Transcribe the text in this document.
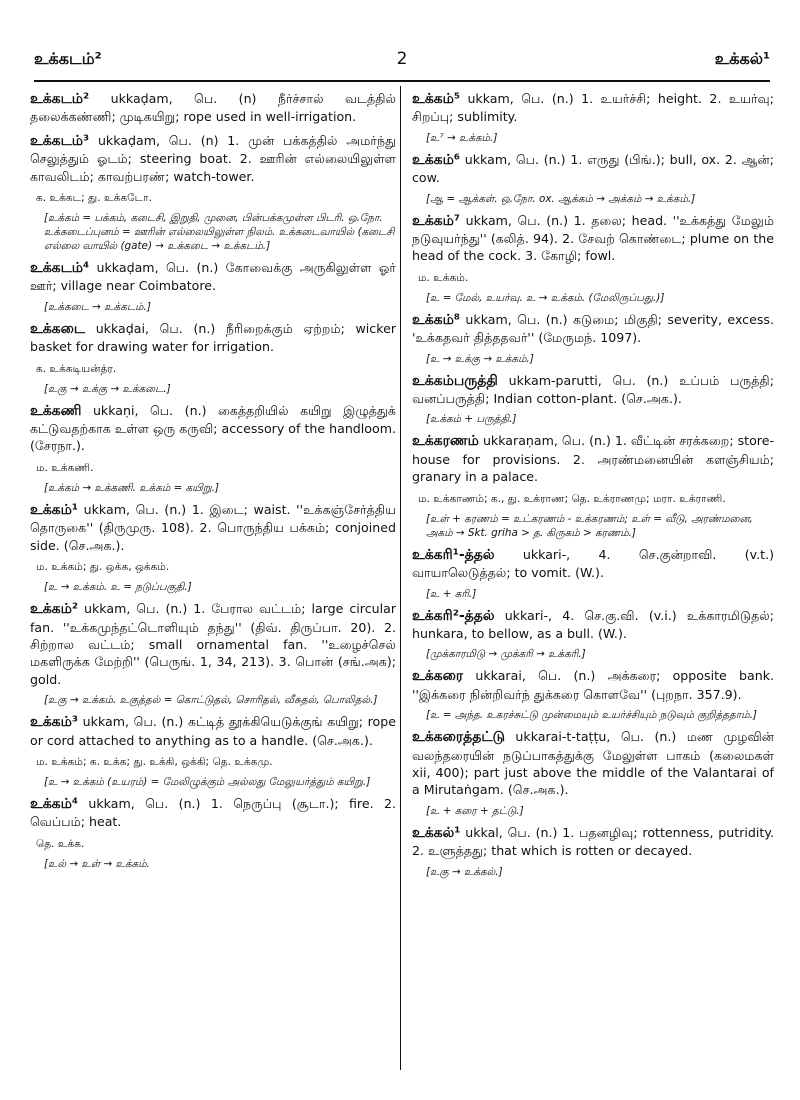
உக்கடம்²	2	உக்கல்¹

உக்கடம்² ukkaḍam, பெ. (n) நீர்ச்சால் வடத்தில் தலைக்கண்ணி; முடிகயிறு; rope used in well-irrigation.

உக்கடம்³ ukkaḍam, பெ. (n) 1. முன் பக்கத்தில் அமர்ந்து செலுத்தும் ஓடம்; steering boat. 2. ஊரின் எல்லையிலுள்ள காவலிடம்; காவற்பரண்; watch-tower.

க. உக்கட; து. உக்கடோ.

[உக்கம் = பக்கம், கடைசி, இறுதி, முனை, பின்பக்கமுள்ள பிடரி. ஒ.நோ. உக்கடைப்புனம் = ஊரின் எல்லையிலுள்ள நிலம். உக்கடைவாயில் (கடைசி எல்லை வாயில் (gate) → உக்கடை → உக்கடம்.]

உக்கடம்⁴ ukkaḍam, பெ. (n.) கோவைக்கு அருகிலுள்ள ஓர் ஊர்; village near Coimbatore.

[உக்கடை → உக்கடம்.]

உக்கடை ukkaḍai, பெ. (n.) நீரிறைக்கும் ஏற்றம்; wicker basket for drawing water for irrigation.

க. உக்கடியன்த்ர.

[உகு → உக்கு → உக்கடை.]

உக்கணி ukkaṇi, பெ. (n.) கைத்தறியில் கயிறு இழுத்துக் கட்டுவதற்காக உள்ள ஒரு கருவி; accessory of the handloom. (சேரநா.).

ம. உக்கணி.

[உக்கம் → உக்கணி. உக்கம் = கயிறு.]

உக்கம்¹ ukkam, பெ. (n.) 1. இடை; waist. ''உக்கஞ்சேர்த்திய தொருகை'' (திருமுரு. 108). 2. பொருந்திய பக்கம்; conjoined side. (செ.அக.).

ம. உக்கம்; து. ஒக்க, ஒக்கம்.

[உ → உக்கம். உ = நடுப்பகுதி.]

உக்கம்² ukkam, பெ. (n.) 1. பேரால வட்டம்; large circular fan. ''உக்கமுந்தட்டொளியும் தந்து'' (திவ். திருப்பா. 20). 2. சிற்றால வட்டம்; small ornamental fan. ''உழைச்செல் மகளிருக்க மேற்றி'' (பெருங். 1, 34, 213). 3. பொன் (சங்.அக); gold.

[உகு → உக்கம். உகுத்தல் = கொட்டுதல், சொரிதல், வீசுதல், பொலிதல்.]

உக்கம்³ ukkam, பெ. (n.) கட்டித் தூக்கியெடுக்குங் கயிறு; rope or cord attached to anything as to a handle. (செ.அக.).

ம. உக்கம்; க. உக்க; து. உக்கி, ஒக்கி; தெ. உக்கமு.

[உ → உக்கம் (உயரம்) = மேலிழுக்கும் அல்லது மேலுயர்த்தும் கயிறு.]

உக்கம்⁴ ukkam, பெ. (n.) 1. நெருப்பு (சூடா.); fire. 2. வெப்பம்; heat.

தெ. உக்க.

[உல் → உள் → உக்கம்.

உக்கம்⁵ ukkam, பெ. (n.) 1. உயர்ச்சி; height. 2. உயர்வு; சிறப்பு; sublimity.

[உ⁷ → உக்கம்.]

உக்கம்⁶ ukkam, பெ. (n.) 1. எருது (பிங்.); bull, ox. 2. ஆன்; cow.

[ஆ = ஆக்கள். ஒ.நோ. ox. ஆக்கம் → அக்கம் → உக்கம்.]

உக்கம்⁷ ukkam, பெ. (n.) 1. தலை; head. ''உக்கத்து மேலும் நடுவுயர்ந்து'' (கலித். 94). 2. சேவற் கொண்டை; plume on the head of the cock. 3. கோழி; fowl.

ம. உக்கம்.

[உ = மேல், உயர்வு. உ → உக்கம். (மேலிருப்பது.)]

உக்கம்⁸ ukkam, பெ. (n.) கடுமை; மிகுதி; severity, excess. 'உக்கதவர் தித்ததவர்'' (மேருமந். 1097).

[உ → உக்கு → உக்கம்.]

உக்கம்பருத்தி ukkam-parutti, பெ. (n.) உப்பம் பருத்தி; வனப்பருத்தி; Indian cotton-plant. (செ.அக.).

[உக்கம் + பருத்தி.]

உக்கரணம் ukkaraṇam, பெ. (n.) 1. வீட்டின் சரக்கறை; store-house for provisions. 2. அரண்மனையின் களஞ்சியம்; granary in a palace.

ம. உக்காணம்; க., து. உக்ராண; தெ. உக்ராணமு; மரா. உக்ராணி.

[உள் + கரணம் = உட்கரணம் - உக்கரணம்; உள் = வீடு, அரண்மனை, அகம் → Skt. griha > த. கிருகம் > கரணம்.]

உக்கரி¹-த்தல் ukkari-, 4. செ.குன்றாவி. (v.t.) வாயாலெடுத்தல்; to vomit. (W.).

[உ + கரி.]

உக்கரி²-த்தல் ukkari-, 4. செ.கு.வி. (v.i.) உக்காரமிடுதல்; hunkara, to bellow, as a bull. (W.).

[முக்காரமிடு → முக்கரி → உக்கரி.]

உக்கரை ukkarai, பெ. (n.) அக்கரை; opposite bank. ''இக்கரை நின்றிவர்ந் துக்கரை கொளவே'' (புறநா. 357.9).

[உ = அந்த. உகரச்சுட்டு முன்மையும் உயர்ச்சியும் நடுவும் குறித்ததாம்.]

உக்கரைத்தட்டு ukkarai-t-taṭṭu, பெ. (n.) மண முழவின் வலந்தரையின் நடுப்பாகத்துக்கு மேலுள்ள பாகம் (கலைமகள் xii, 400); part just above the middle of the Valantarai of a Mirutaṅgam. (செ.அக.).

[உ + கரை + தட்டு.]

உக்கல்¹ ukkal, பெ. (n.) 1. பதனழிவு; rottenness, putridity. 2. உளுத்தது; that which is rotten or decayed.

[உகு → உக்கல்.]
